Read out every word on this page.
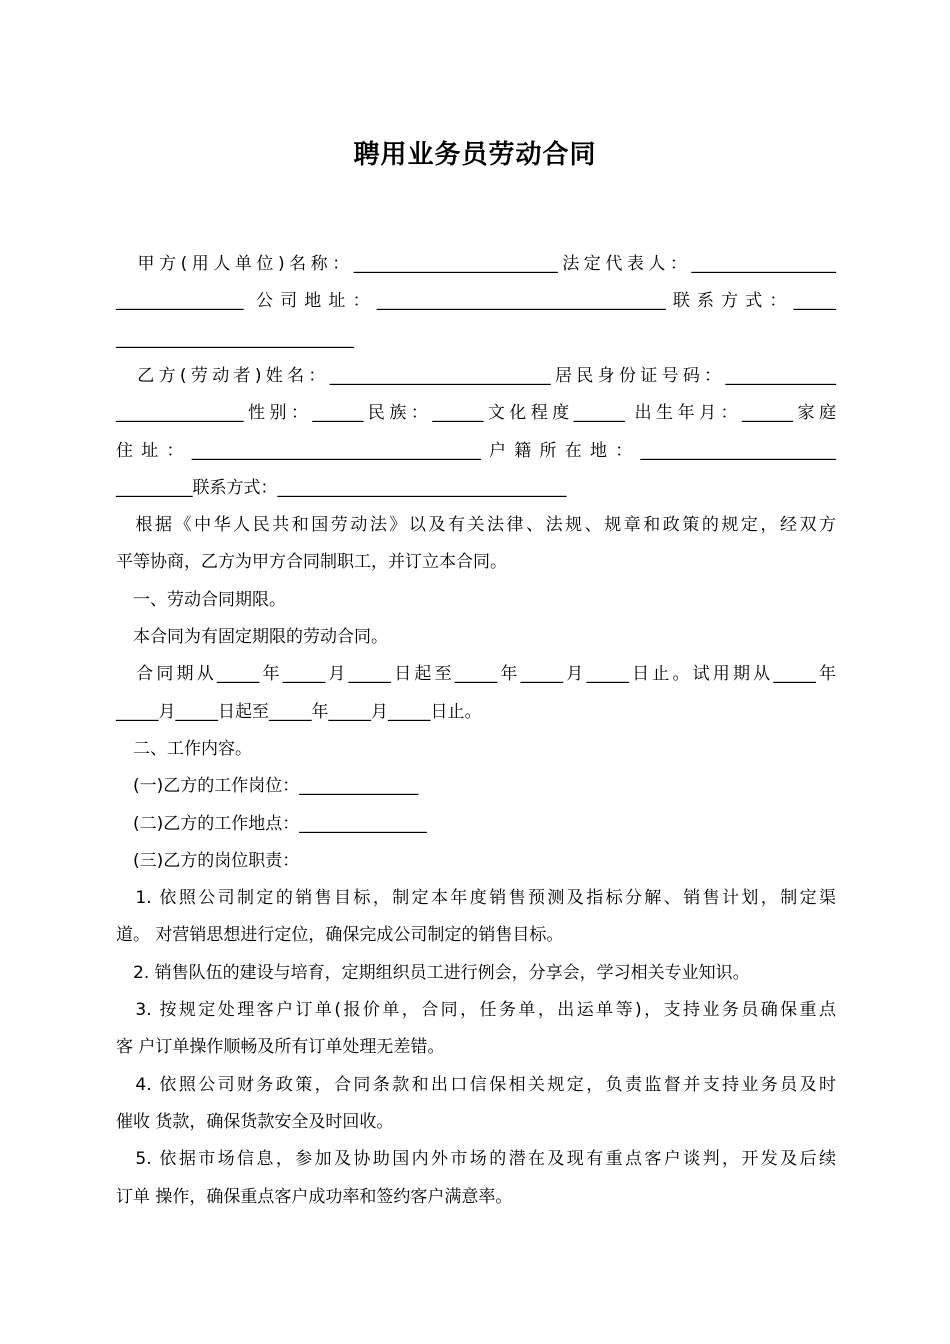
聘用业务员劳动合同
　甲方(用人单位)名称：________________________法定代表人：_________________
_______________ 公司地址：__________________________________联系方式：_____
____________________________
　乙方(劳动者)姓名：__________________________居民身份证号码：_____________
_______________性别：______民族：______文化程度______ 出生年月：______家庭
住址：__________________________________户籍所在地：_______________________
_________联系方式：__________________________________
　根据《中华人民共和国劳动法》以及有关法律、法规、规章和政策的规定，经双方
平等协商，乙方为甲方合同制职工，并订立本合同。
　一、劳动合同期限。
　本合同为有固定期限的劳动合同。
　合同期从_____年_____月_____日起至_____年_____月_____日止。试用期从_____年
_____月_____日起至_____年_____月_____日止。
　二、工作内容。
　(一)乙方的工作岗位：______________
　(二)乙方的工作地点：_______________
　(三)乙方的岗位职责：
　1. 依照公司制定的销售目标，制定本年度销售预测及指标分解、销售计划，制定渠
道。 对营销思想进行定位，确保完成公司制定的销售目标。
　2. 销售队伍的建设与培育，定期组织员工进行例会，分享会，学习相关专业知识。
　3. 按规定处理客户订单(报价单，合同，任务单，出运单等)，支持业务员确保重点
客 户订单操作顺畅及所有订单处理无差错。
　4. 依照公司财务政策，合同条款和出口信保相关规定，负责监督并支持业务员及时
催收 货款，确保货款安全及时回收。
　5. 依据市场信息，参加及协助国内外市场的潜在及现有重点客户谈判，开发及后续
订单 操作，确保重点客户成功率和签约客户满意率。
